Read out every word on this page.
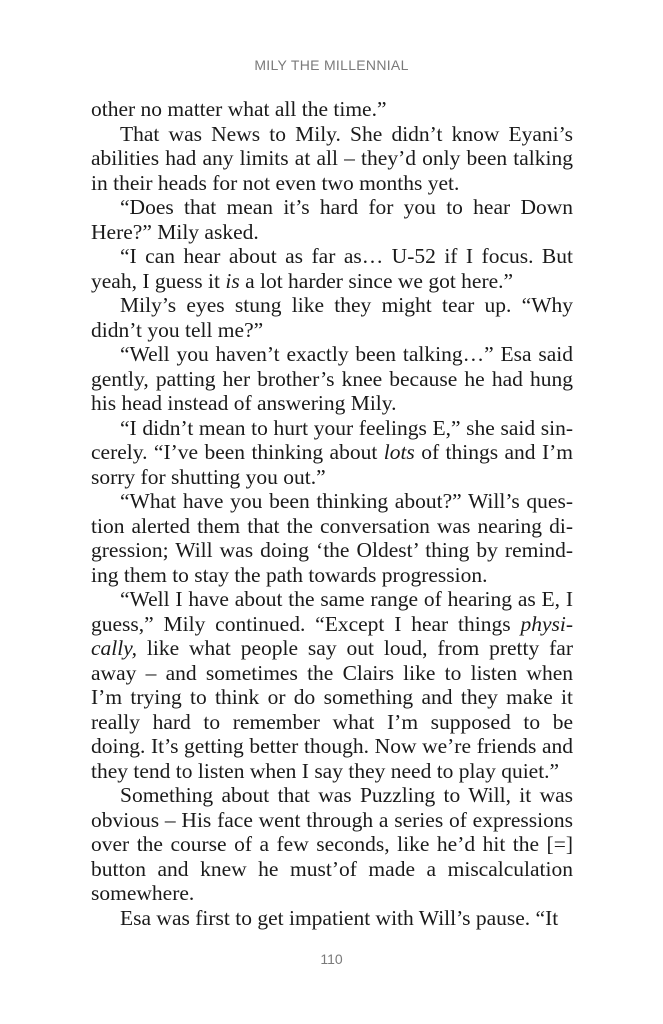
MILY THE MILLENNIAL

other no matter what all the time.”

That was News to Mily. She didn’t know Eyani’s abilities had any limits at all – they’d only been talking in their heads for not even two months yet.

“Does that mean it’s hard for you to hear Down Here?” Mily asked.

“I can hear about as far as… U-52 if I focus. But yeah, I guess it is a lot harder since we got here.”

Mily’s eyes stung like they might tear up. “Why didn’t you tell me?”

“Well you haven’t exactly been talking…” Esa said gently, patting her brother’s knee because he had hung his head instead of answering Mily.

“I didn’t mean to hurt your feelings E,” she said sincerely. “I’ve been thinking about lots of things and I’m sorry for shutting you out.”

“What have you been thinking about?” Will’s question alerted them that the conversation was nearing digression; Will was doing ‘the Oldest’ thing by reminding them to stay the path towards progression.

“Well I have about the same range of hearing as E, I guess,” Mily continued. “Except I hear things physically, like what people say out loud, from pretty far away – and sometimes the Clairs like to listen when I’m trying to think or do something and they make it really hard to remember what I’m supposed to be doing. It’s getting better though. Now we’re friends and they tend to listen when I say they need to play quiet.”

Something about that was Puzzling to Will, it was obvious – His face went through a series of expressions over the course of a few seconds, like he’d hit the [=] button and knew he must’of made a miscalculation somewhere.

Esa was first to get impatient with Will’s pause. “It

110
